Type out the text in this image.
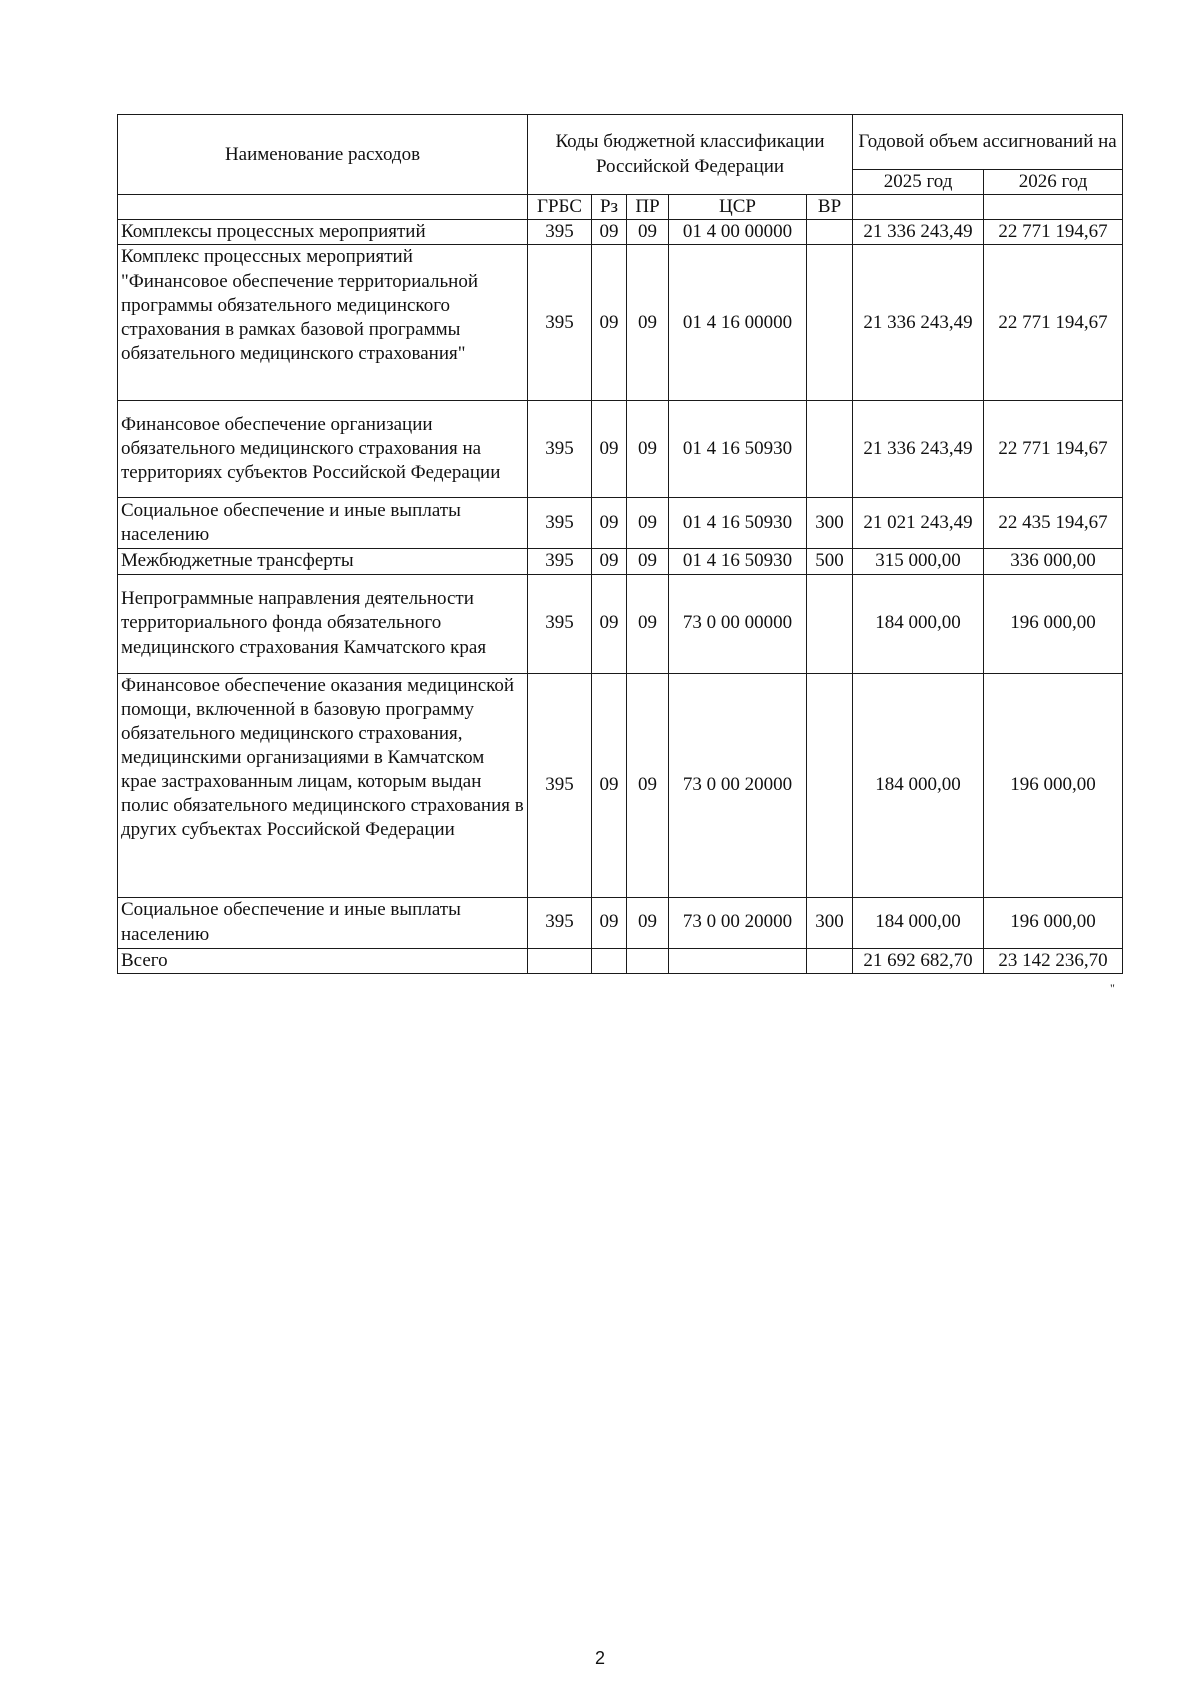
Наименование расходов	Коды бюджетной классификации Российской Федерации					Годовой объем ассигнований на	
						2025 год	2026 год
	ГРБС	Рз	ПР	ЦСР	ВР		
Комплексы процессных мероприятий	395	09	09	01 4 00 00000		21 336 243,49	22 771 194,67
Комплекс процессных мероприятий "Финансовое обеспечение территориальной программы обязательного медицинского страхования в рамках базовой программы обязательного медицинского страхования"	395	09	09	01 4 16 00000		21 336 243,49	22 771 194,67
Финансовое обеспечение организации обязательного медицинского страхования на территориях субъектов Российской Федерации	395	09	09	01 4 16 50930		21 336 243,49	22 771 194,67
Социальное обеспечение и иные выплаты населению	395	09	09	01 4 16 50930	300	21 021 243,49	22 435 194,67
Межбюджетные трансферты	395	09	09	01 4 16 50930	500	315 000,00	336 000,00
Непрограммные направления деятельности территориального фонда обязательного медицинского страхования Камчатского края	395	09	09	73 0 00 00000		184 000,00	196 000,00
Финансовое обеспечение оказания медицинской помощи, включенной в базовую программу обязательного медицинского страхования, медицинскими организациями в Камчатском крае застрахованным лицам, которым выдан полис обязательного медицинского страхования в других субъектах Российской Федерации	395	09	09	73 0 00 20000		184 000,00	196 000,00
Социальное обеспечение и иные выплаты населению	395	09	09	73 0 00 20000	300	184 000,00	196 000,00
Всего						21 692 682,70	23 142 236,70
"
2
